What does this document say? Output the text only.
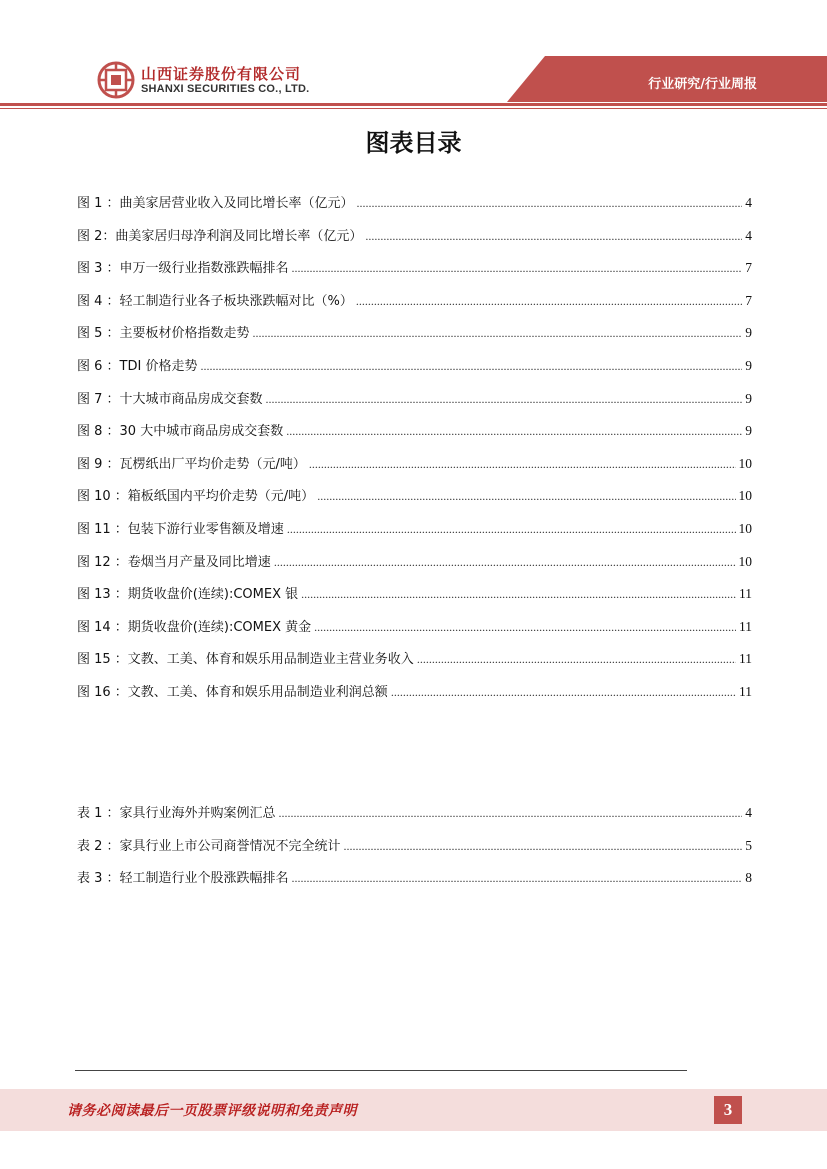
山西证券股份有限公司
SHANXI SECURITIES CO., LTD.	行业研究/行业周报
图表目录
图 1 ：曲美家居营业收入及同比增长率（亿元） .....	4
图 2：曲美家居归母净利润及同比增长率（亿元） .....	4
图 3 ：申万一级行业指数涨跌幅排名 .....	7
图 4 ：轻工制造行业各子板块涨跌幅对比（%） .....	7
图 5 ：主要板材价格指数走势 .....	9
图 6 ：TDI 价格走势 .....	9
图 7 ：十大城市商品房成交套数 .....	9
图 8 ：30 大中城市商品房成交套数 .....	9
图 9 ：瓦楞纸出厂平均价走势（元/吨） .....	10
图 10 ：箱板纸国内平均价走势（元/吨） .....	10
图 11 ：包装下游行业零售额及增速 .....	10
图 12 ：卷烟当月产量及同比增速 .....	10
图 13 ：期货收盘价(连续):COMEX 银 .....	11
图 14 ：期货收盘价(连续):COMEX 黄金 .....	11
图 15 ：文教、工美、体育和娱乐用品制造业主营业务收入 .....	11
图 16 ：文教、工美、体育和娱乐用品制造业利润总额 .....	11
表 1 ：家具行业海外并购案例汇总 .....	4
表 2 ：家具行业上市公司商誉情况不完全统计 .....	5
表 3 ：轻工制造行业个股涨跌幅排名 .....	8
请务必阅读最后一页股票评级说明和免责声明	3
